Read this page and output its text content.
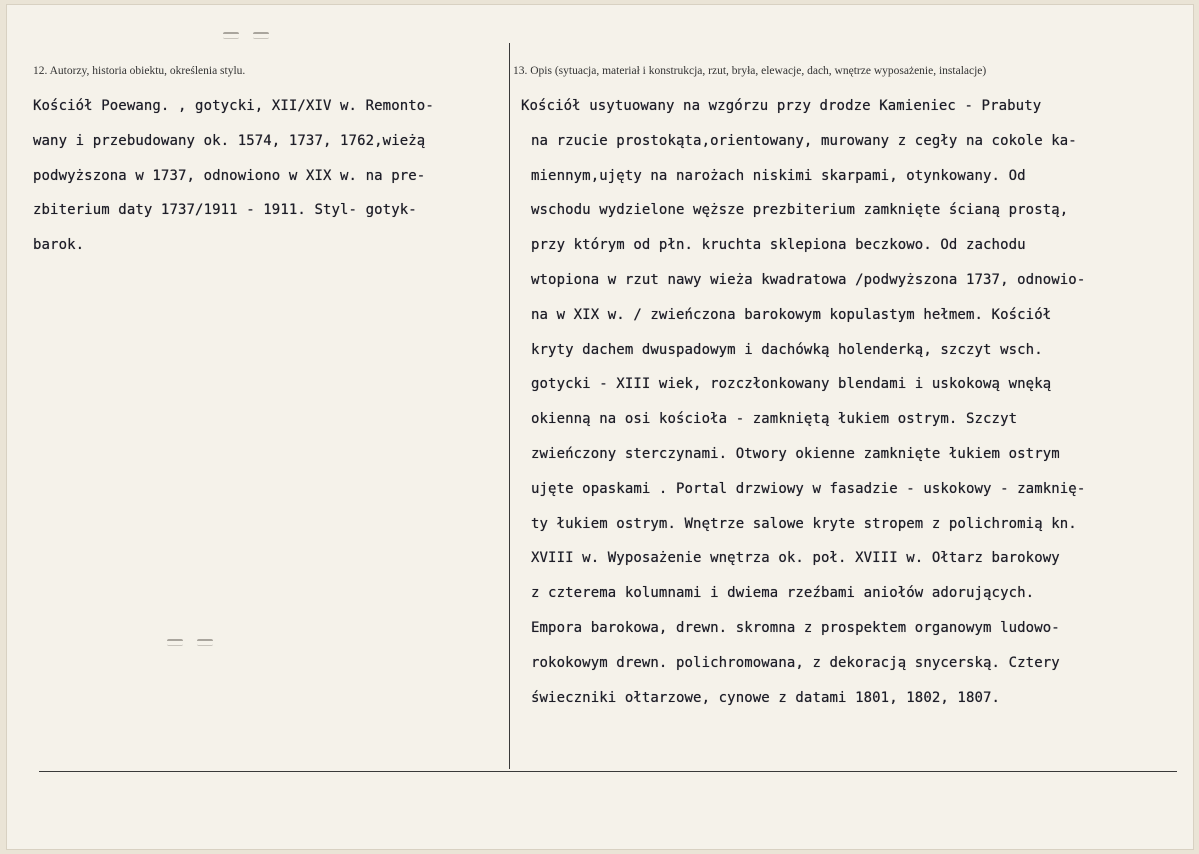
12. Autorzy, historia obiektu, określenia stylu.
Kościół Poewang. , gotycki, XII/XIV w. Remonto-
wany i przebudowany ok. 1574, 1737, 1762,wieżą
podwyższona w 1737, odnowiono w XIX w. na pre-
zbiterium daty 1737/1911 - 1911. Styl- gotyk-
barok.
13. Opis (sytuacja, materiał i konstrukcja, rzut, bryła, elewacje, dach, wnętrze wyposażenie, instalacje)
Kościół usytuowany na wzgórzu przy drodze Kamieniec - Prabuty
na rzucie prostokąta,orientowany, murowany z cegły na cokole ka-
miennym,ujęty na narożach niskimi skarpami, otynkowany. Od
wschodu wydzielone węższe prezbiterium zamknięte ścianą prostą,
przy którym od płn. kruchta sklepiona beczkowo. Od zachodu
wtopiona w rzut nawy wieża kwadratowa /podwyższona 1737, odnowio-
na w XIX w. / zwieńczona barokowym kopulastym hełmem. Kościół
kryty dachem dwuspadowym i dachówką holenderką, szczyt wsch.
gotycki - XIII wiek, rozczłonkowany blendami i uskokową wnęką
okienną na osi kościoła - zamkniętą łukiem ostrym. Szczyt
zwieńczony sterczynami. Otwory okienne zamknięte łukiem ostrym
ujęte opaskami . Portal drzwiowy w fasadzie - uskokowy - zamknię-
ty łukiem ostrym. Wnętrze salowe kryte stropem z polichromią kn.
XVIII w. Wyposażenie wnętrza ok. poł. XVIII w. Ołtarz barokowy
z czterema kolumnami i dwiema rzeźbami aniołów adorujących.
Empora barokowa, drewn. skromna z prospektem organowym ludowo-
rokokowym drewn. polichromowana, z dekoracją snycerską. Cztery
świeczniki ołtarzowe, cynowe z datami 1801, 1802, 1807.
